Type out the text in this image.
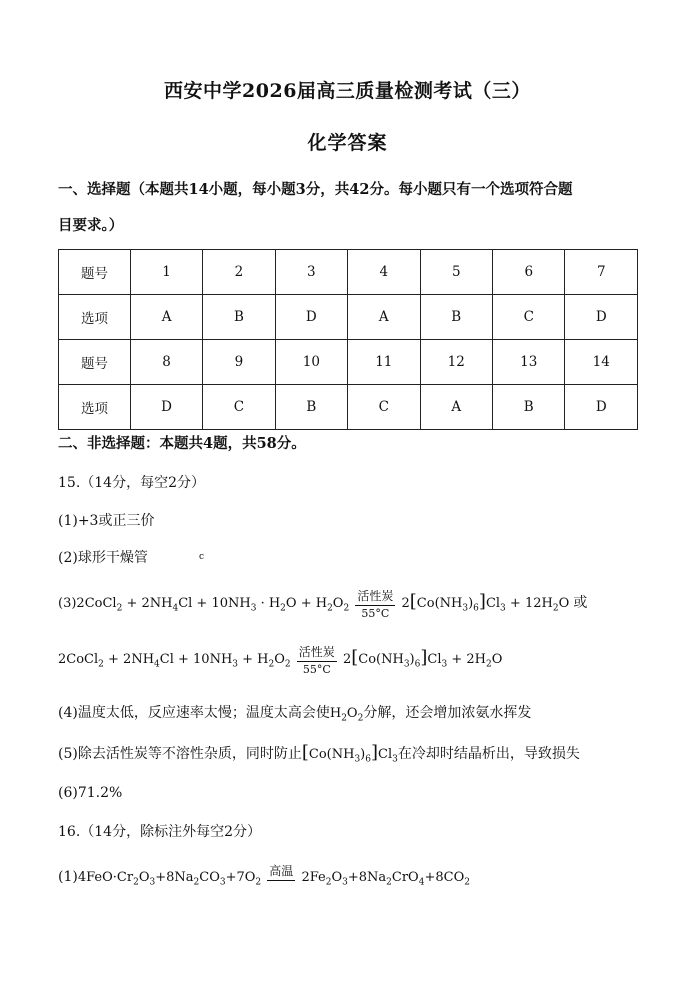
西安中学2026届高三质量检测考试（三）
化学答案
一、选择题（本题共14小题，每小题3分，共42分。每小题只有一个选项符合题
目要求。）
题号	1	2	3	4	5	6	7
选项	A	B	D	A	B	C	D
题号	8	9	10	11	12	13	14
选项	D	C	B	C	A	B	D
二、非选择题：本题共4题，共58分。
15.（14分，每空2分）
(1)+3或正三价
(2)球形干燥管	c
(3)2CoCl$_2$ + $2NH_4Cl + 10NH_3 \cdot H_2O + H_2O_2$
活性炭
55°C
$2[Co(NH_3)_6]Cl_3 + 12H_2O$ 或
2CoCl$_2$ + $2NH_4Cl + 10NH_3 + H_2O_2$
活性炭
55°C
$2[Co(NH_3)_6]Cl_3 + 2H_2O$
(4)温度太低，反应速率太慢；温度太高会使$H_2O_2$分解，还会增加浓氨水挥发
(5)除去活性炭等不溶性杂质，同时防止$[Co(NH_3)_6]Cl_3$在冷却时结晶析出，导致损失
(6)71.2%
16.（14分，除标注外每空2分）
$(1)4FeO\cdot Cr_2O_3+8Na_2CO_3+7O_2$
高温 $2Fe_2O_3+8Na_2CrO_4+8CO_2$
